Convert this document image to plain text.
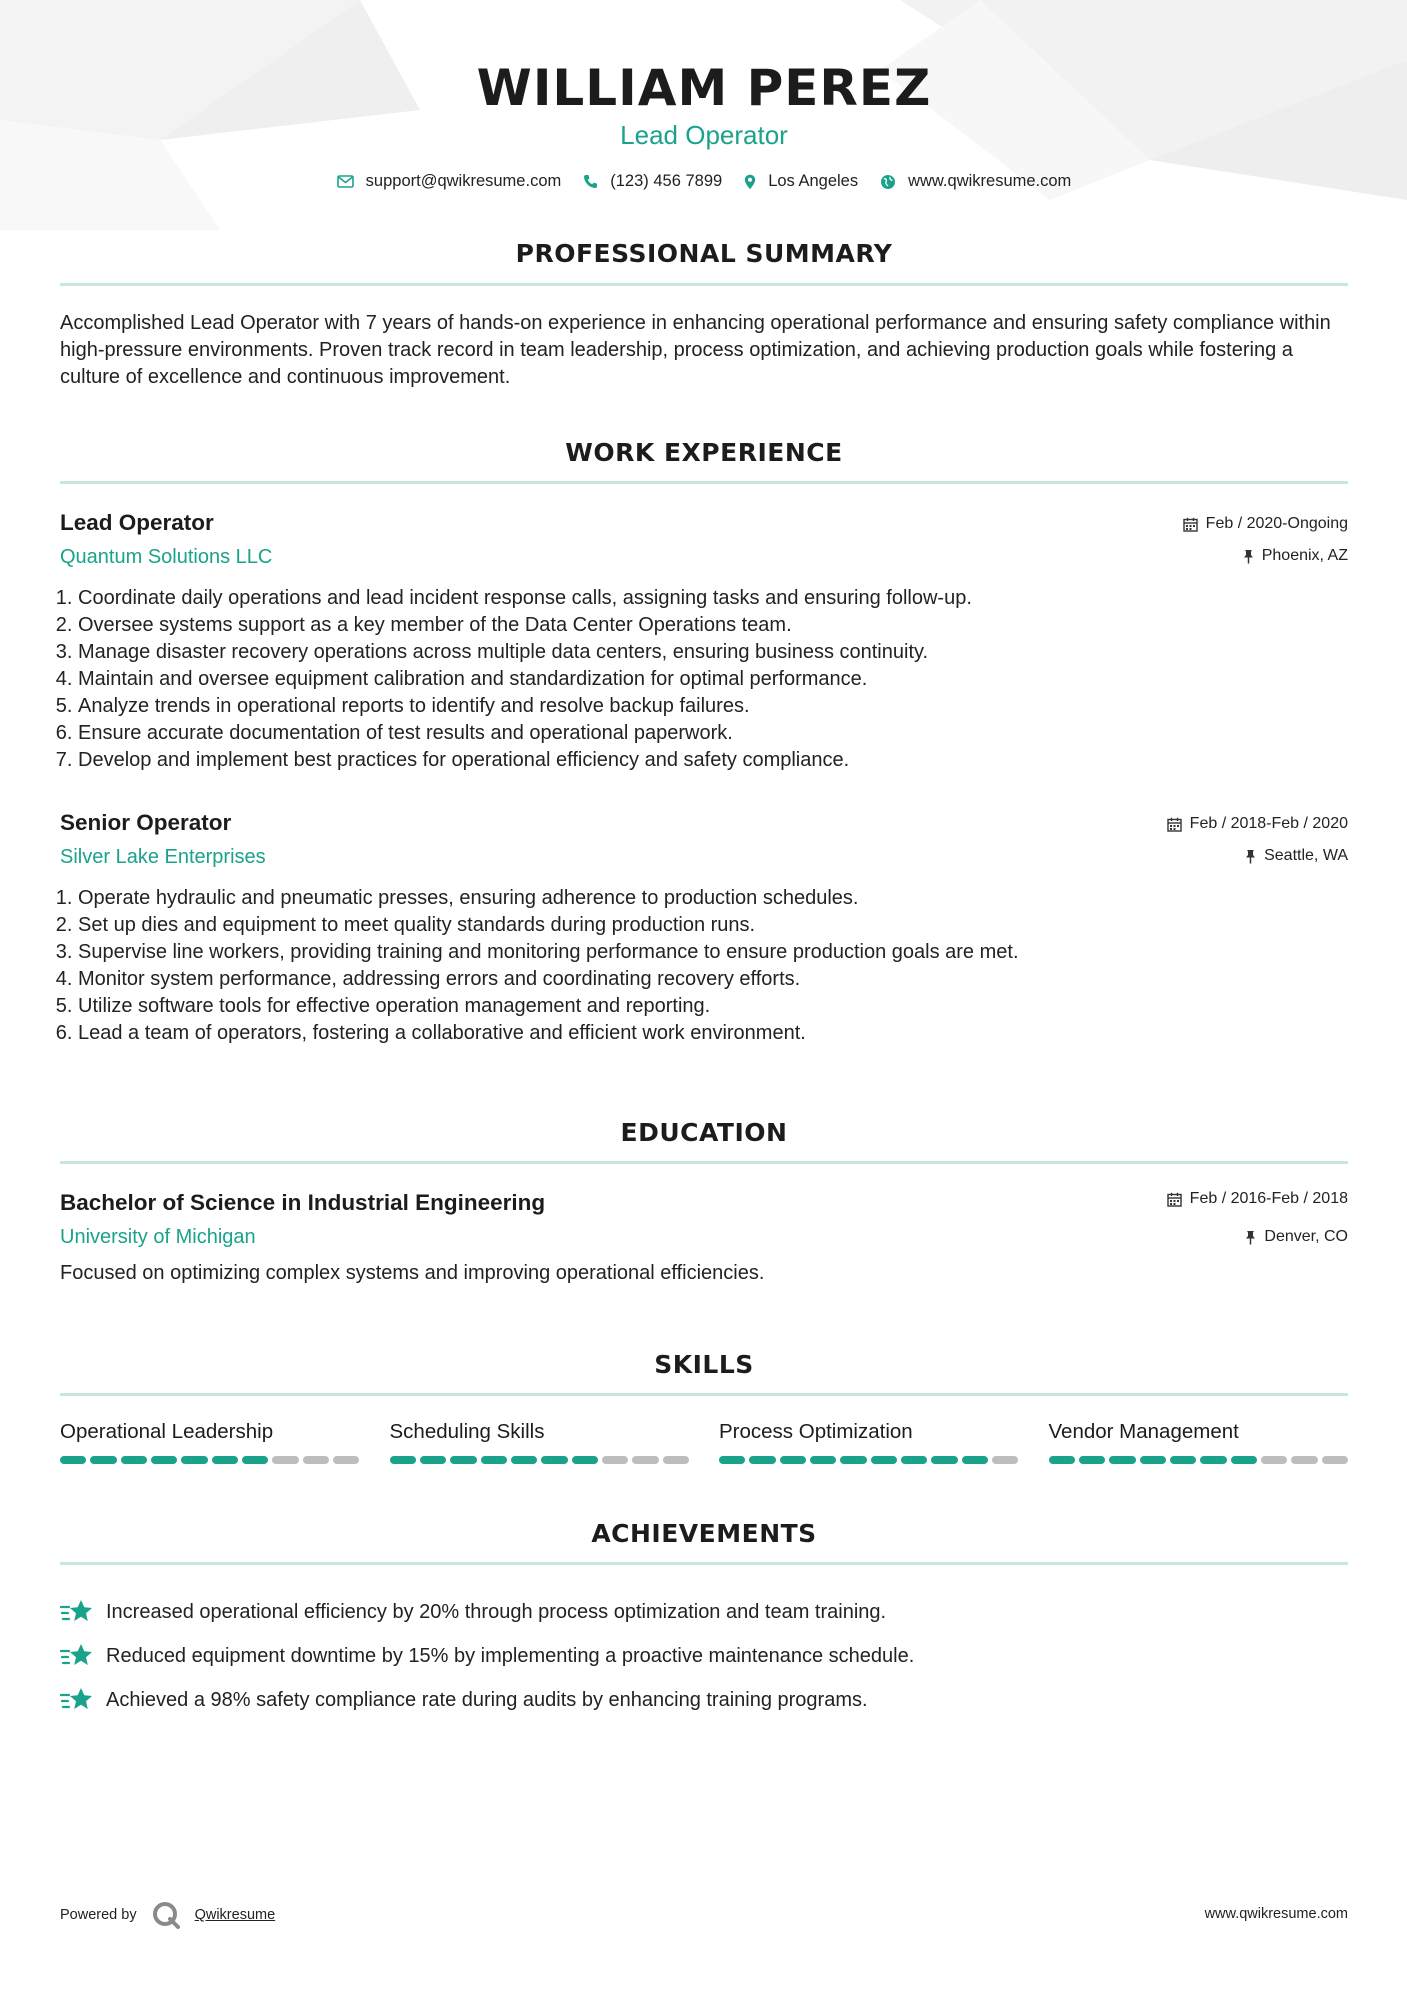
WILLIAM PEREZ
Lead Operator
support@qwikresume.com	(123) 456 7899	Los Angeles	www.qwikresume.com
PROFESSIONAL SUMMARY

Accomplished Lead Operator with 7 years of hands-on experience in enhancing operational performance and ensuring safety compliance within high-pressure environments. Proven track record in team leadership, process optimization, and achieving production goals while fostering a culture of excellence and continuous improvement.

WORK EXPERIENCE
Lead Operator
Quantum Solutions LLC
Feb / 2020-Ongoing
Phoenix, AZ
1. Coordinate daily operations and lead incident response calls, assigning tasks and ensuring follow-up.
2. Oversee systems support as a key member of the Data Center Operations team.
3. Manage disaster recovery operations across multiple data centers, ensuring business continuity.
4. Maintain and oversee equipment calibration and standardization for optimal performance.
5. Analyze trends in operational reports to identify and resolve backup failures.
6. Ensure accurate documentation of test results and operational paperwork.
7. Develop and implement best practices for operational efficiency and safety compliance.
Senior Operator
Silver Lake Enterprises
Feb / 2018-Feb / 2020
Seattle, WA
1. Operate hydraulic and pneumatic presses, ensuring adherence to production schedules.
2. Set up dies and equipment to meet quality standards during production runs.
3. Supervise line workers, providing training and monitoring performance to ensure production goals are met.
4. Monitor system performance, addressing errors and coordinating recovery efforts.
5. Utilize software tools for effective operation management and reporting.
6. Lead a team of operators, fostering a collaborative and efficient work environment.
EDUCATION
Bachelor of Science in Industrial Engineering
University of Michigan
Feb / 2016-Feb / 2018
Denver, CO

Focused on optimizing complex systems and improving operational efficiencies.

SKILLS
Operational Leadership	Scheduling Skills	Process Optimization	Vendor Management
ACHIEVEMENTS
Increased operational efficiency by 20% through process optimization and team training.
Reduced equipment downtime by 15% by implementing a proactive maintenance schedule.
Achieved a 98% safety compliance rate during audits by enhancing training programs.
Powered by	Qwikresume	www.qwikresume.com
